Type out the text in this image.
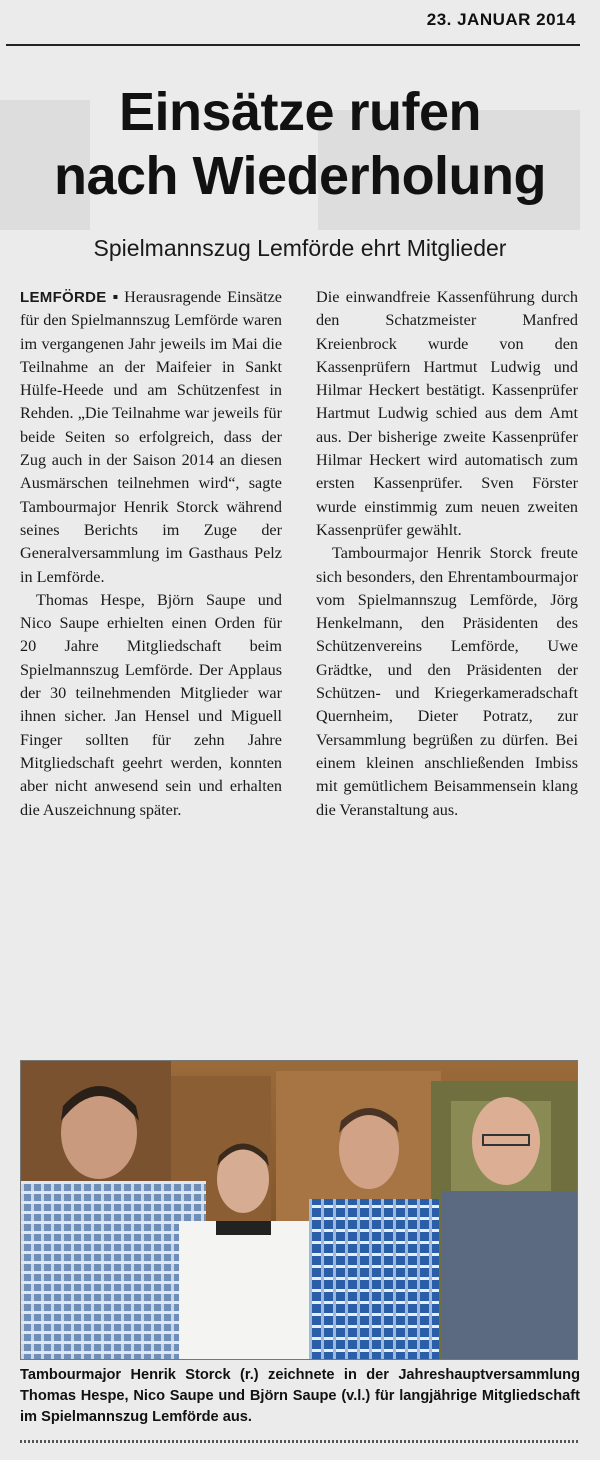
23. JANUAR 2014
Einsätze rufen
nach Wiederholung
Spielmannszug Lemförde ehrt Mitglieder

LEMFÖRDE ▪ Herausragende Einsätze für den Spielmannszug Lemförde waren im vergangenen Jahr jeweils im Mai die Teilnahme an der Maifeier in Sankt Hülfe-Heede und am Schützenfest in Rehden. „Die Teilnahme war jeweils für beide Seiten so erfolgreich, dass der Zug auch in der Saison 2014 an diesen Ausmärschen teilnehmen wird“, sagte Tambourmajor Henrik Storck während seines Berichts im Zuge der Generalversammlung im Gasthaus Pelz in Lemförde.

Thomas Hespe, Björn Saupe und Nico Saupe erhielten einen Orden für 20 Jahre Mitgliedschaft beim Spielmannszug Lemförde. Der Applaus der 30 teilnehmenden Mitglieder war ihnen sicher. Jan Hensel und Miguell Finger sollten für zehn Jahre Mitgliedschaft geehrt werden, konnten aber nicht anwesend sein und erhalten die Auszeichnung später.

Die einwandfreie Kassenführung durch den Schatzmeister Manfred Kreienbrock wurde von den Kassenprüfern Hartmut Ludwig und Hilmar Heckert bestätigt. Kassenprüfer Hartmut Ludwig schied aus dem Amt aus. Der bisherige zweite Kassenprüfer Hilmar Heckert wird automatisch zum ersten Kassenprüfer. Sven Förster wurde einstimmig zum neuen zweiten Kassenprüfer gewählt.

Tambourmajor Henrik Storck freute sich besonders, den Ehrentambourmajor vom Spielmannszug Lemförde, Jörg Henkelmann, den Präsidenten des Schützenvereins Lemförde, Uwe Grädtke, und den Präsidenten der Schützen- und Kriegerkameradschaft Quernheim, Dieter Potratz, zur Versammlung begrüßen zu dürfen. Bei einem kleinen anschließenden Imbiss mit gemütlichem Beisammensein klang die Veranstaltung aus.

Tambourmajor Henrik Storck (r.) zeichnete in der Jahreshauptversammlung Thomas Hespe, Nico Saupe und Björn Saupe (v.l.) für langjährige Mitgliedschaft im Spielmannszug Lemförde aus.
